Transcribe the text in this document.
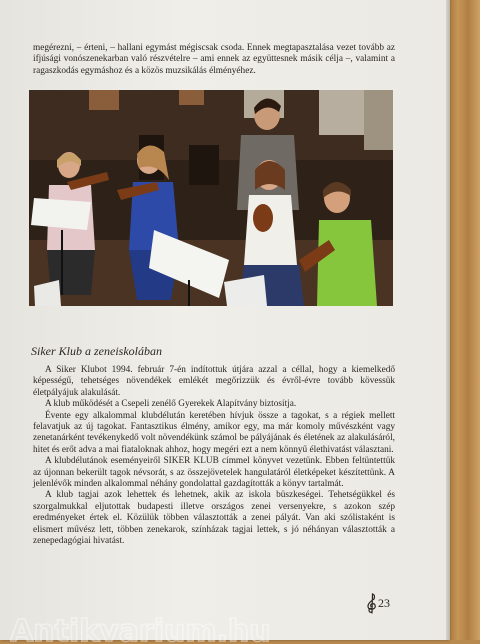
megérezni, – érteni, – hallani egymást mégiscsak csoda. Ennek megtapasztalása vezet tovább az ifjúsági vonószenekarban való részvételre – ami ennek az együttesnek másik célja –, valamint a ragaszkodás egymáshoz és a közös muzsikálás élményéhez.

Siker Klub a zeneiskolában

A Siker Klubot 1994. február 7-én indítottuk útjára azzal a céllal, hogy a kiemelkedő képességű, tehetséges növendékek emlékét megőrizzük és évről-évre tovább kövessük életpályájuk alakulását.

A klub működését a Csepeli zenélő Gyerekek Alapítvány biztosítja.

Évente egy alkalommal klubdélután keretében hívjuk össze a tagokat, s a régiek mellett felavatjuk az új tagokat. Fantasztikus élmény, amikor egy, ma már komoly művészként vagy zenetanárként tevékenykedő volt növendékünk számol be pályájának és életének az alakulásáról, hitet és erőt adva a mai fiataloknak ahhoz, hogy megéri ezt a nem könnyű élethivatást választani.

A klubdélutánok eseményeiről SIKER KLUB címmel könyvet vezetünk. Ebben feltüntettük az újonnan bekerült tagok névsorát, s az összejövetelek hangulatáról életképeket készítettünk. A jelenlévők minden alkalommal néhány gondolattal gazdagították a könyv tartalmát.

A klub tagjai azok lehettek és lehetnek, akik az iskola büszkeségei. Tehetségükkel és szorgalmukkal eljutottak budapesti illetve országos zenei versenyekre, s azokon szép eredményeket értek el. Közülük többen választották a zenei pályát. Van aki szólistaként is elismert művész lett, többen zenekarok, színházak tagjai lettek, s jó néhányan választották a zenepedagógiai hivatást.

23
Antikvarium.hu
